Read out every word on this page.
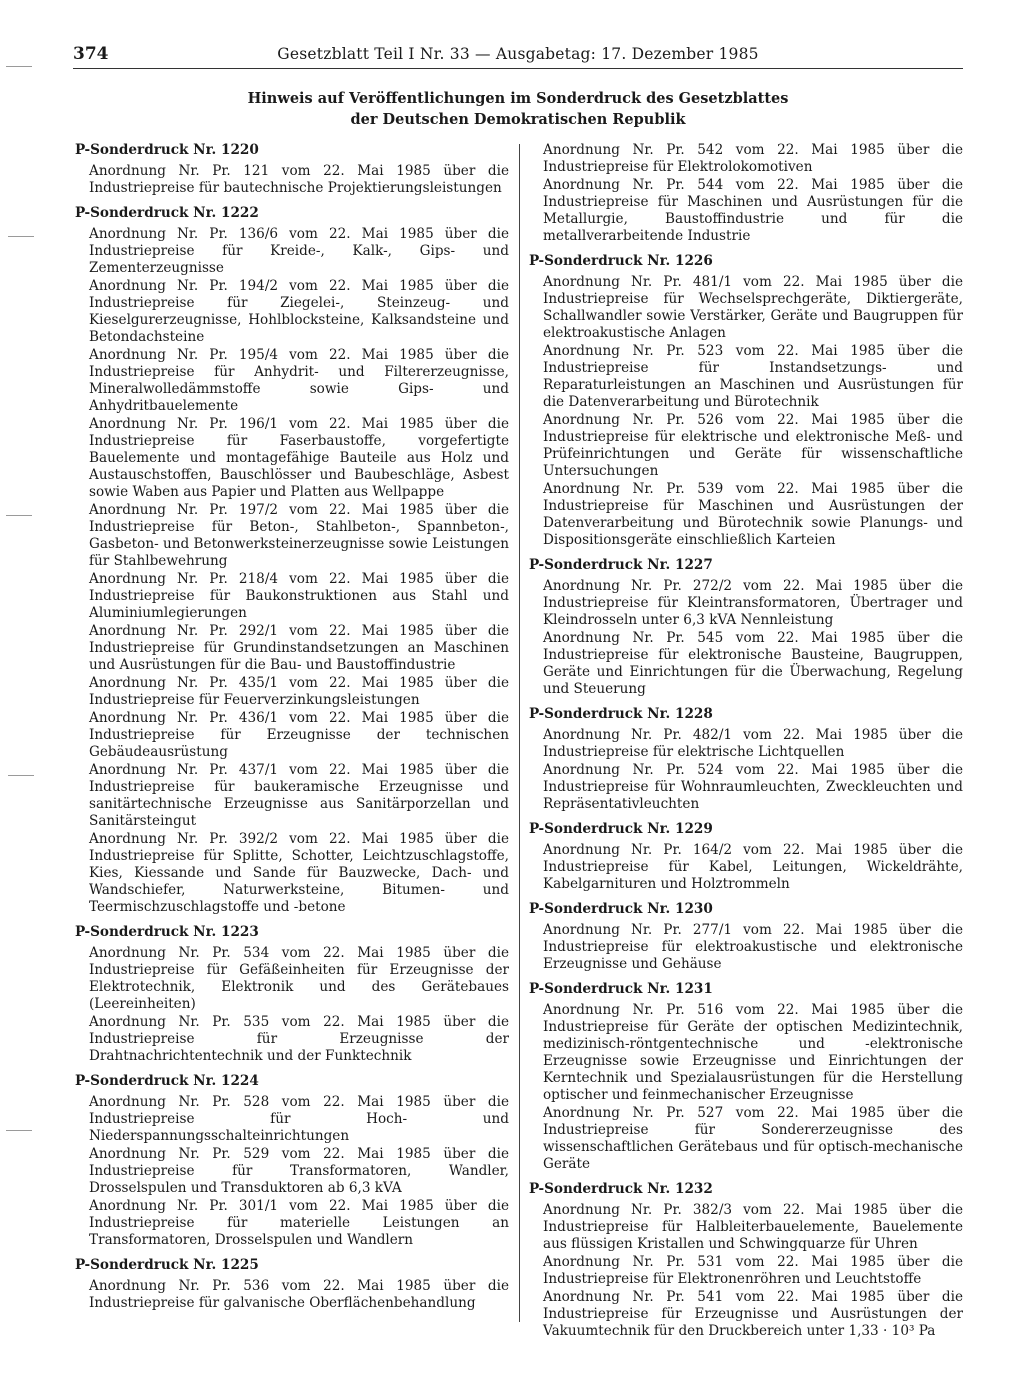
374	Gesetzblatt Teil I Nr. 33 — Ausgabetag: 17. Dezember 1985
Hinweis auf Veröffentlichungen im Sonderdruck des Gesetzblattes
der Deutschen Demokratischen Republik
P-Sonderdruck Nr. 1220
Anordnung Nr. Pr. 121 vom 22. Mai 1985 über die Industriepreise für bautechnische Projektierungsleistungen
P-Sonderdruck Nr. 1222
Anordnung Nr. Pr. 136/6 vom 22. Mai 1985 über die Industriepreise für Kreide-, Kalk-, Gips- und Zementerzeugnisse
Anordnung Nr. Pr. 194/2 vom 22. Mai 1985 über die Industriepreise für Ziegelei-, Steinzeug- und Kieselgurerzeugnisse, Hohlblocksteine, Kalksandsteine und Betondachsteine
Anordnung Nr. Pr. 195/4 vom 22. Mai 1985 über die Industriepreise für Anhydrit- und Filtererzeugnisse, Mineralwolledämmstoffe sowie Gips- und Anhydritbauelemente
Anordnung Nr. Pr. 196/1 vom 22. Mai 1985 über die Industriepreise für Faserbaustoffe, vorgefertigte Bauelemente und montagefähige Bauteile aus Holz und Austauschstoffen, Bauschlösser und Baubeschläge, Asbest sowie Waben aus Papier und Platten aus Wellpappe
Anordnung Nr. Pr. 197/2 vom 22. Mai 1985 über die Industriepreise für Beton-, Stahlbeton-, Spannbeton-, Gasbeton- und Betonwerksteinerzeugnisse sowie Leistungen für Stahlbewehrung
Anordnung Nr. Pr. 218/4 vom 22. Mai 1985 über die Industriepreise für Baukonstruktionen aus Stahl und Aluminiumlegierungen
Anordnung Nr. Pr. 292/1 vom 22. Mai 1985 über die Industriepreise für Grundinstandsetzungen an Maschinen und Ausrüstungen für die Bau- und Baustoffindustrie
Anordnung Nr. Pr. 435/1 vom 22. Mai 1985 über die Industriepreise für Feuerverzinkungsleistungen
Anordnung Nr. Pr. 436/1 vom 22. Mai 1985 über die Industriepreise für Erzeugnisse der technischen Gebäudeausrüstung
Anordnung Nr. Pr. 437/1 vom 22. Mai 1985 über die Industriepreise für baukeramische Erzeugnisse und sanitärtechnische Erzeugnisse aus Sanitärporzellan und Sanitärsteingut
Anordnung Nr. Pr. 392/2 vom 22. Mai 1985 über die Industriepreise für Splitte, Schotter, Leichtzuschlagstoffe, Kies, Kiessande und Sande für Bauzwecke, Dach- und Wandschiefer, Naturwerksteine, Bitumen- und Teermischzuschlagstoffe und -betone
P-Sonderdruck Nr. 1223
Anordnung Nr. Pr. 534 vom 22. Mai 1985 über die Industriepreise für Gefäßeinheiten für Erzeugnisse der Elektrotechnik, Elektronik und des Gerätebaues (Leereinheiten)
Anordnung Nr. Pr. 535 vom 22. Mai 1985 über die Industriepreise für Erzeugnisse der Drahtnachrichtentechnik und der Funktechnik
P-Sonderdruck Nr. 1224
Anordnung Nr. Pr. 528 vom 22. Mai 1985 über die Industriepreise für Hoch- und Niederspannungsschalteinrichtungen
Anordnung Nr. Pr. 529 vom 22. Mai 1985 über die Industriepreise für Transformatoren, Wandler, Drosselspulen und Transduktoren ab 6,3 kVA
Anordnung Nr. Pr. 301/1 vom 22. Mai 1985 über die Industriepreise für materielle Leistungen an Transformatoren, Drosselspulen und Wandlern
P-Sonderdruck Nr. 1225
Anordnung Nr. Pr. 536 vom 22. Mai 1985 über die Industriepreise für galvanische Oberflächenbehandlung
Anordnung Nr. Pr. 542 vom 22. Mai 1985 über die Industriepreise für Elektrolokomotiven
Anordnung Nr. Pr. 544 vom 22. Mai 1985 über die Industriepreise für Maschinen und Ausrüstungen für die Metallurgie, Baustoffindustrie und für die metallverarbeitende Industrie
P-Sonderdruck Nr. 1226
Anordnung Nr. Pr. 481/1 vom 22. Mai 1985 über die Industriepreise für Wechselsprechgeräte, Diktiergeräte, Schallwandler sowie Verstärker, Geräte und Baugruppen für elektroakustische Anlagen
Anordnung Nr. Pr. 523 vom 22. Mai 1985 über die Industriepreise für Instandsetzungs- und Reparaturleistungen an Maschinen und Ausrüstungen für die Datenverarbeitung und Bürotechnik
Anordnung Nr. Pr. 526 vom 22. Mai 1985 über die Industriepreise für elektrische und elektronische Meß- und Prüfeinrichtungen und Geräte für wissenschaftliche Untersuchungen
Anordnung Nr. Pr. 539 vom 22. Mai 1985 über die Industriepreise für Maschinen und Ausrüstungen der Datenverarbeitung und Bürotechnik sowie Planungs- und Dispositionsgeräte einschließlich Karteien
P-Sonderdruck Nr. 1227
Anordnung Nr. Pr. 272/2 vom 22. Mai 1985 über die Industriepreise für Kleintransformatoren, Übertrager und Kleindrosseln unter 6,3 kVA Nennleistung
Anordnung Nr. Pr. 545 vom 22. Mai 1985 über die Industriepreise für elektronische Bausteine, Baugruppen, Geräte und Einrichtungen für die Überwachung, Regelung und Steuerung
P-Sonderdruck Nr. 1228
Anordnung Nr. Pr. 482/1 vom 22. Mai 1985 über die Industriepreise für elektrische Lichtquellen
Anordnung Nr. Pr. 524 vom 22. Mai 1985 über die Industriepreise für Wohnraumleuchten, Zweckleuchten und Repräsentativleuchten
P-Sonderdruck Nr. 1229
Anordnung Nr. Pr. 164/2 vom 22. Mai 1985 über die Industriepreise für Kabel, Leitungen, Wickeldrähte, Kabelgarnituren und Holztrommeln
P-Sonderdruck Nr. 1230
Anordnung Nr. Pr. 277/1 vom 22. Mai 1985 über die Industriepreise für elektroakustische und elektronische Erzeugnisse und Gehäuse
P-Sonderdruck Nr. 1231
Anordnung Nr. Pr. 516 vom 22. Mai 1985 über die Industriepreise für Geräte der optischen Medizintechnik, medizinisch-röntgentechnische und -elektronische Erzeugnisse sowie Erzeugnisse und Einrichtungen der Kerntechnik und Spezialausrüstungen für die Herstellung optischer und feinmechanischer Erzeugnisse
Anordnung Nr. Pr. 527 vom 22. Mai 1985 über die Industriepreise für Sondererzeugnisse des wissenschaftlichen Gerätebaus und für optisch-mechanische Geräte
P-Sonderdruck Nr. 1232
Anordnung Nr. Pr. 382/3 vom 22. Mai 1985 über die Industriepreise für Halbleiterbauelemente, Bauelemente aus flüssigen Kristallen und Schwingquarze für Uhren
Anordnung Nr. Pr. 531 vom 22. Mai 1985 über die Industriepreise für Elektronenröhren und Leuchtstoffe
Anordnung Nr. Pr. 541 vom 22. Mai 1985 über die Industriepreise für Erzeugnisse und Ausrüstungen der Vakuumtechnik für den Druckbereich unter 1,33 · 10³ Pa
